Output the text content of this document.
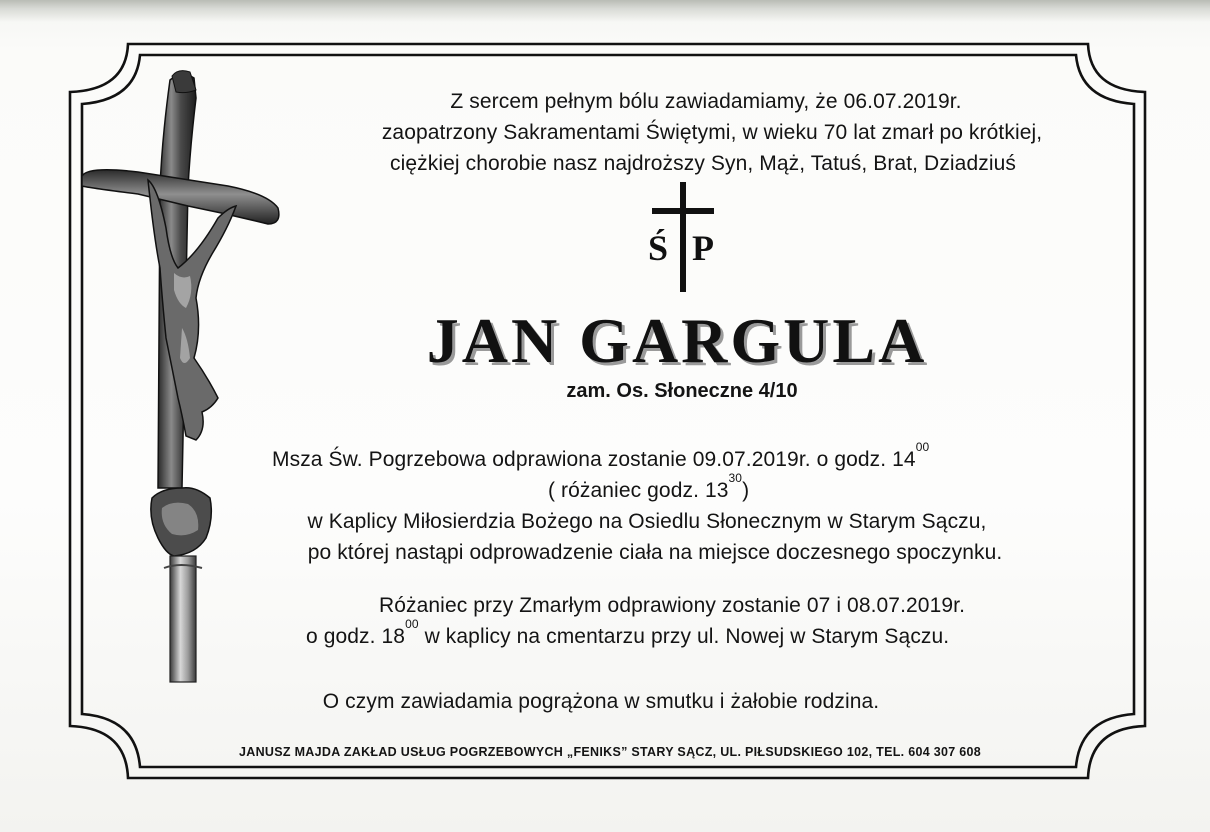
Z sercem pełnym bólu zawiadamiamy, że 06.07.2019r.
zaopatrzony Sakramentami Świętymi, w wieku 70 lat zmarł po krótkiej,
ciężkiej chorobie nasz najdroższy Syn, Mąż, Tatuś, Brat, Dziadziuś
Ś P
JAN GARGULA
zam. Os. Słoneczne 4/10
Msza Św. Pogrzebowa odprawiona zostanie 09.07.2019r. o godz. $14^{00}$
( różaniec godz. $13^{30}$)
w Kaplicy Miłosierdzia Bożego na Osiedlu Słonecznym w Starym Sączu,
po której nastąpi odprowadzenie ciała na miejsce doczesnego spoczynku.
Różaniec przy Zmarłym odprawiony zostanie 07 i 08.07.2019r.
o godz. $18^{00}$ w kaplicy na cmentarzu przy ul. Nowej w Starym Sączu.
O czym zawiadamia pogrążona w smutku i żałobie rodzina.
JANUSZ MAJDA ZAKŁAD USŁUG POGRZEBOWYCH „FENIKS” STARY SĄCZ, UL. PIŁSUDSKIEGO 102, TEL. 604 307 608
